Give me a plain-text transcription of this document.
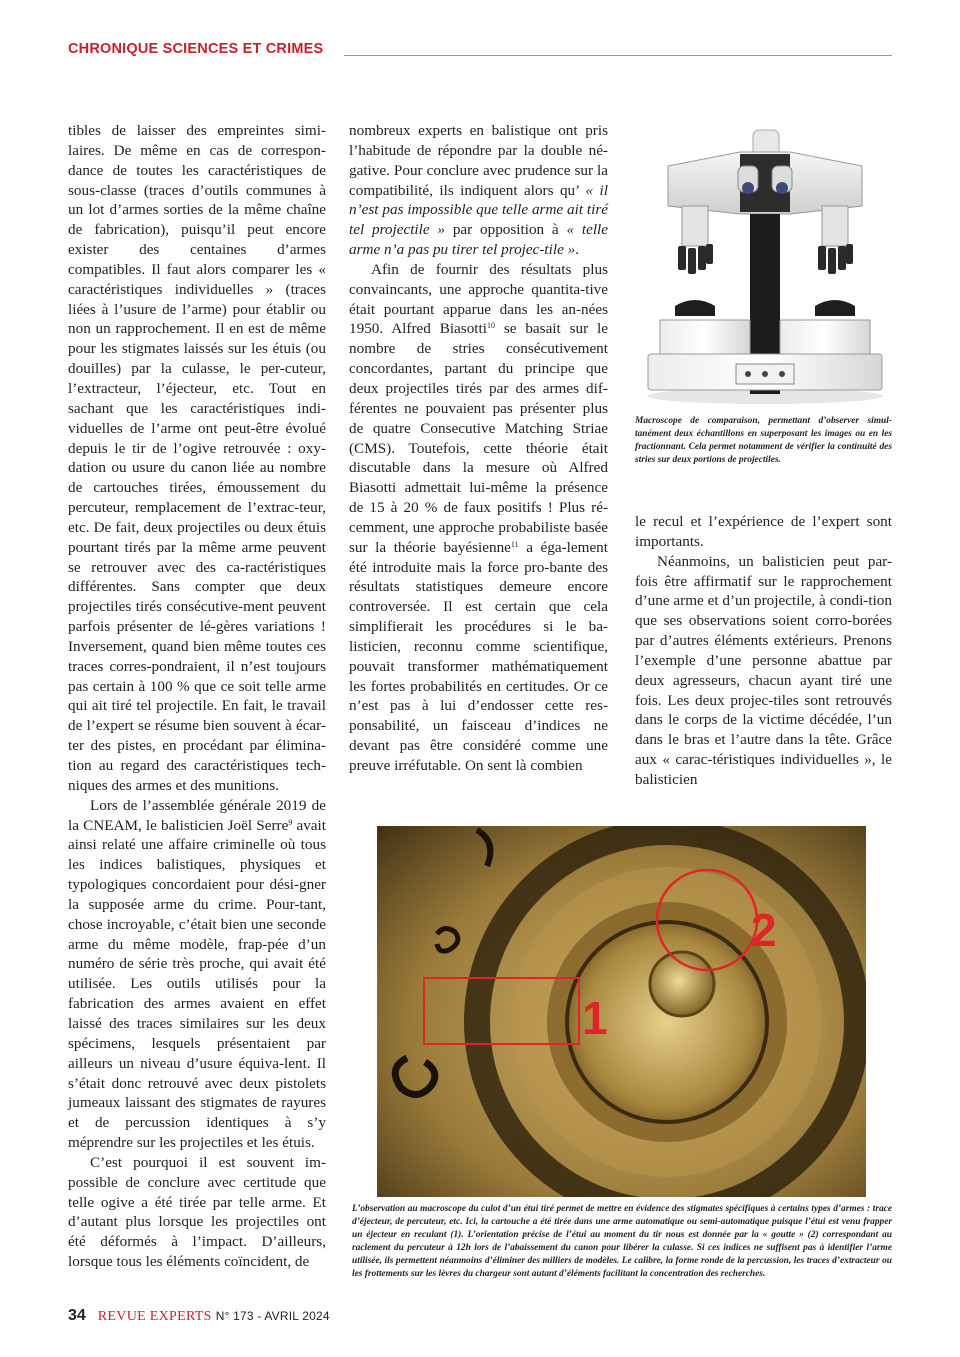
CHRONIQUE SCIENCES ET CRIMES

tibles de laisser des empreintes simi-laires. De même en cas de correspon-dance de toutes les caractéristiques de sous-classe (traces d’outils communes à un lot d’armes sorties de la même chaîne de fabrication), puisqu’il peut encore exister des centaines d’armes compatibles. Il faut alors comparer les « caractéristiques individuelles » (traces liées à l’usure de l’arme) pour établir ou non un rapprochement. Il en est de même pour les stigmates laissés sur les étuis (ou douilles) par la culasse, le per-cuteur, l’extracteur, l’éjecteur, etc. Tout en sachant que les caractéristiques indi-viduelles de l’arme ont peut-être évolué depuis le tir de l’ogive retrouvée : oxy-dation ou usure du canon liée au nombre de cartouches tirées, émoussement du percuteur, remplacement de l’extrac-teur, etc. De fait, deux projectiles ou deux étuis pourtant tirés par la même arme peuvent se retrouver avec des ca-ractéristiques différentes. Sans compter que deux projectiles tirés consécutive-ment peuvent parfois présenter de lé-gères variations ! Inversement, quand bien même toutes ces traces corres-pondraient, il n’est toujours pas certain à 100 % que ce soit telle arme qui ait tiré tel projectile. En fait, le travail de l’expert se résume bien souvent à écar-ter des pistes, en procédant par élimina-tion au regard des caractéristiques tech-niques des armes et des munitions.

Lors de l’assemblée générale 2019 de la CNEAM, le balisticien Joël Serre$^9$ avait ainsi relaté une affaire criminelle où tous les indices balistiques, physiques et typologiques concordaient pour dési-gner la supposée arme du crime. Pour-tant, chose incroyable, c’était bien une seconde arme du même modèle, frap-pée d’un numéro de série très proche, qui avait été utilisée. Les outils utilisés pour la fabrication des armes avaient en effet laissé des traces similaires sur les deux spécimens, lesquels présentaient par ailleurs un niveau d’usure équiva-lent. Il s’était donc retrouvé avec deux pistolets jumeaux laissant des stigmates de rayures et de percussion identiques à s’y méprendre sur les projectiles et les étuis.

C’est pourquoi il est souvent im-possible de conclure avec certitude que telle ogive a été tirée par telle arme. Et d’autant plus lorsque les projectiles ont été déformés à l’impact. D’ailleurs, lorsque tous les éléments coïncident, de

nombreux experts en balistique ont pris l’habitude de répondre par la double né-gative. Pour conclure avec prudence sur la compatibilité, ils indiquent alors qu’ « il n’est pas impossible que telle arme ait tiré tel projectile » par opposition à « telle arme n’a pas pu tirer tel projec-tile ».

Afin de fournir des résultats plus convaincants, une approche quantita-tive était pourtant apparue dans les an-nées 1950. Alfred Biasotti$^{10}$ se basait sur le nombre de stries consécutivement concordantes, partant du principe que deux projectiles tirés par des armes dif-férentes ne pouvaient pas présenter plus de quatre Consecutive Matching Striae (CMS). Toutefois, cette théorie était discutable dans la mesure où Alfred Biasotti admettait lui-même la présence de 15 à 20 % de faux positifs ! Plus ré-cemment, une approche probabiliste basée sur la théorie bayésienne$^{11}$ a éga-lement été introduite mais la force pro-bante des résultats statistiques demeure encore controversée. Il est certain que cela simplifierait les procédures si le ba-listicien, reconnu comme scientifique, pouvait transformer mathématiquement les fortes probabilités en certitudes. Or ce n’est pas à lui d’endosser cette res-ponsabilité, un faisceau d’indices ne devant pas être considéré comme une preuve irréfutable. On sent là combien

Macroscope de comparaison, permettant d’observer simul-tanément deux échantillons en superposant les images ou en les fractionnant. Cela permet notamment de vérifier la continuité des stries sur deux portions de projectiles.

le recul et l’expérience de l’expert sont importants.

Néanmoins, un balisticien peut par-fois être affirmatif sur le rapprochement d’une arme et d’un projectile, à condi-tion que ses observations soient corro-borées par d’autres éléments extérieurs. Prenons l’exemple d’une personne abattue par deux agresseurs, chacun ayant tiré une fois. Les deux projec-tiles sont retrouvés dans le corps de la victime décédée, l’un dans le bras et l’autre dans la tête. Grâce aux « carac-téristiques individuelles », le balisticien

1
2
L’observation au macroscope du culot d’un étui tiré permet de mettre en évidence des stigmates spécifiques à certains types d’armes : trace d’éjecteur, de percuteur, etc. Ici, la cartouche a été tirée dans une arme automatique ou semi-automatique puisque l’étui est venu frapper un éjecteur en reculant (1). L’orientation précise de l’étui au moment du tir nous est donnée par la « goutte » (2) correspondant au raclement du percuteur à 12h lors de l’abaissement du canon pour libérer la culasse. Si ces indices ne suffisent pas à identifier l’arme utilisée, ils permettent néanmoins d’éliminer des milliers de modèles. Le calibre, la forme ronde de la percussion, les traces d’extracteur ou les frottements sur les lèvres du chargeur sont autant d’éléments facilitant la concentration des recherches.
34 REVUE EXPERTS N° 173 - AVRIL 2024
